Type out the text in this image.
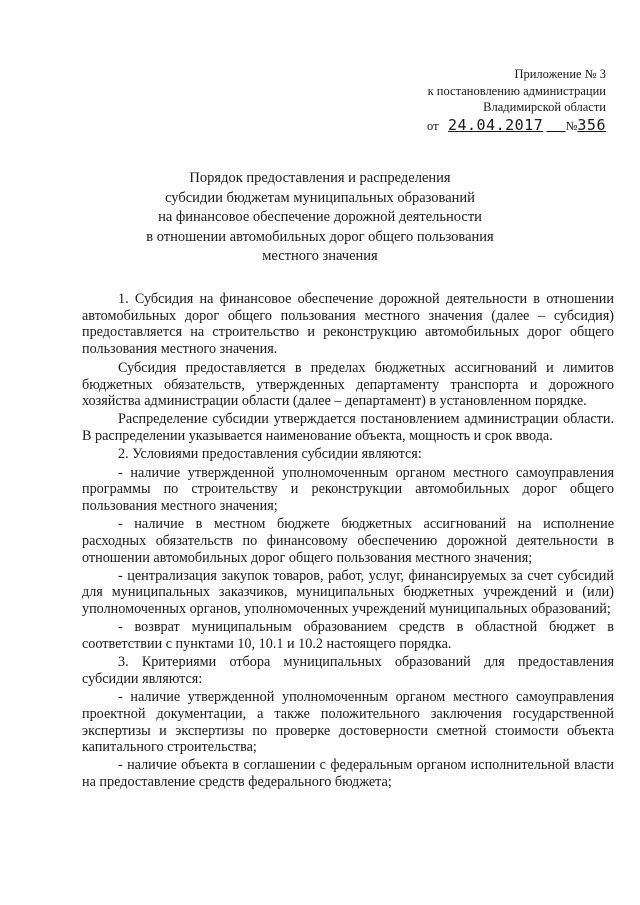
Приложение № 3
к постановлению администрации
Владимирской области
от 24.04.2017 №356
Порядок предоставления и распределения
субсидии бюджетам муниципальных образований
на финансовое обеспечение дорожной деятельности
в отношении автомобильных дорог общего пользования
местного значения

1. Субсидия на финансовое обеспечение дорожной деятельности в отношении автомобильных дорог общего пользования местного значения (далее – субсидия) предоставляется на строительство и реконструкцию автомобильных дорог общего пользования местного значения.

Субсидия предоставляется в пределах бюджетных ассигнований и лимитов бюджетных обязательств, утвержденных департаменту транспорта и дорожного хозяйства администрации области (далее – департамент) в установленном порядке.

Распределение субсидии утверждается постановлением администрации области. В распределении указывается наименование объекта, мощность и срок ввода.

2. Условиями предоставления субсидии являются:

- наличие утвержденной уполномоченным органом местного самоуправления программы по строительству и реконструкции автомобильных дорог общего пользования местного значения;

- наличие в местном бюджете бюджетных ассигнований на исполнение расходных обязательств по финансовому обеспечению дорожной деятельности в отношении автомобильных дорог общего пользования местного значения;

- централизация закупок товаров, работ, услуг, финансируемых за счет субсидий для муниципальных заказчиков, муниципальных бюджетных учреждений и (или) уполномоченных органов, уполномоченных учреждений муниципальных образований;

- возврат муниципальным образованием средств в областной бюджет в соответствии с пунктами 10, 10.1 и 10.2 настоящего порядка.

3. Критериями отбора муниципальных образований для предоставления субсидии являются:

- наличие утвержденной уполномоченным органом местного самоуправления проектной документации, а также положительного заключения государственной экспертизы и экспертизы по проверке достоверности сметной стоимости объекта капитального строительства;

- наличие объекта в соглашении с федеральным органом исполнительной власти на предоставление средств федерального бюджета;
